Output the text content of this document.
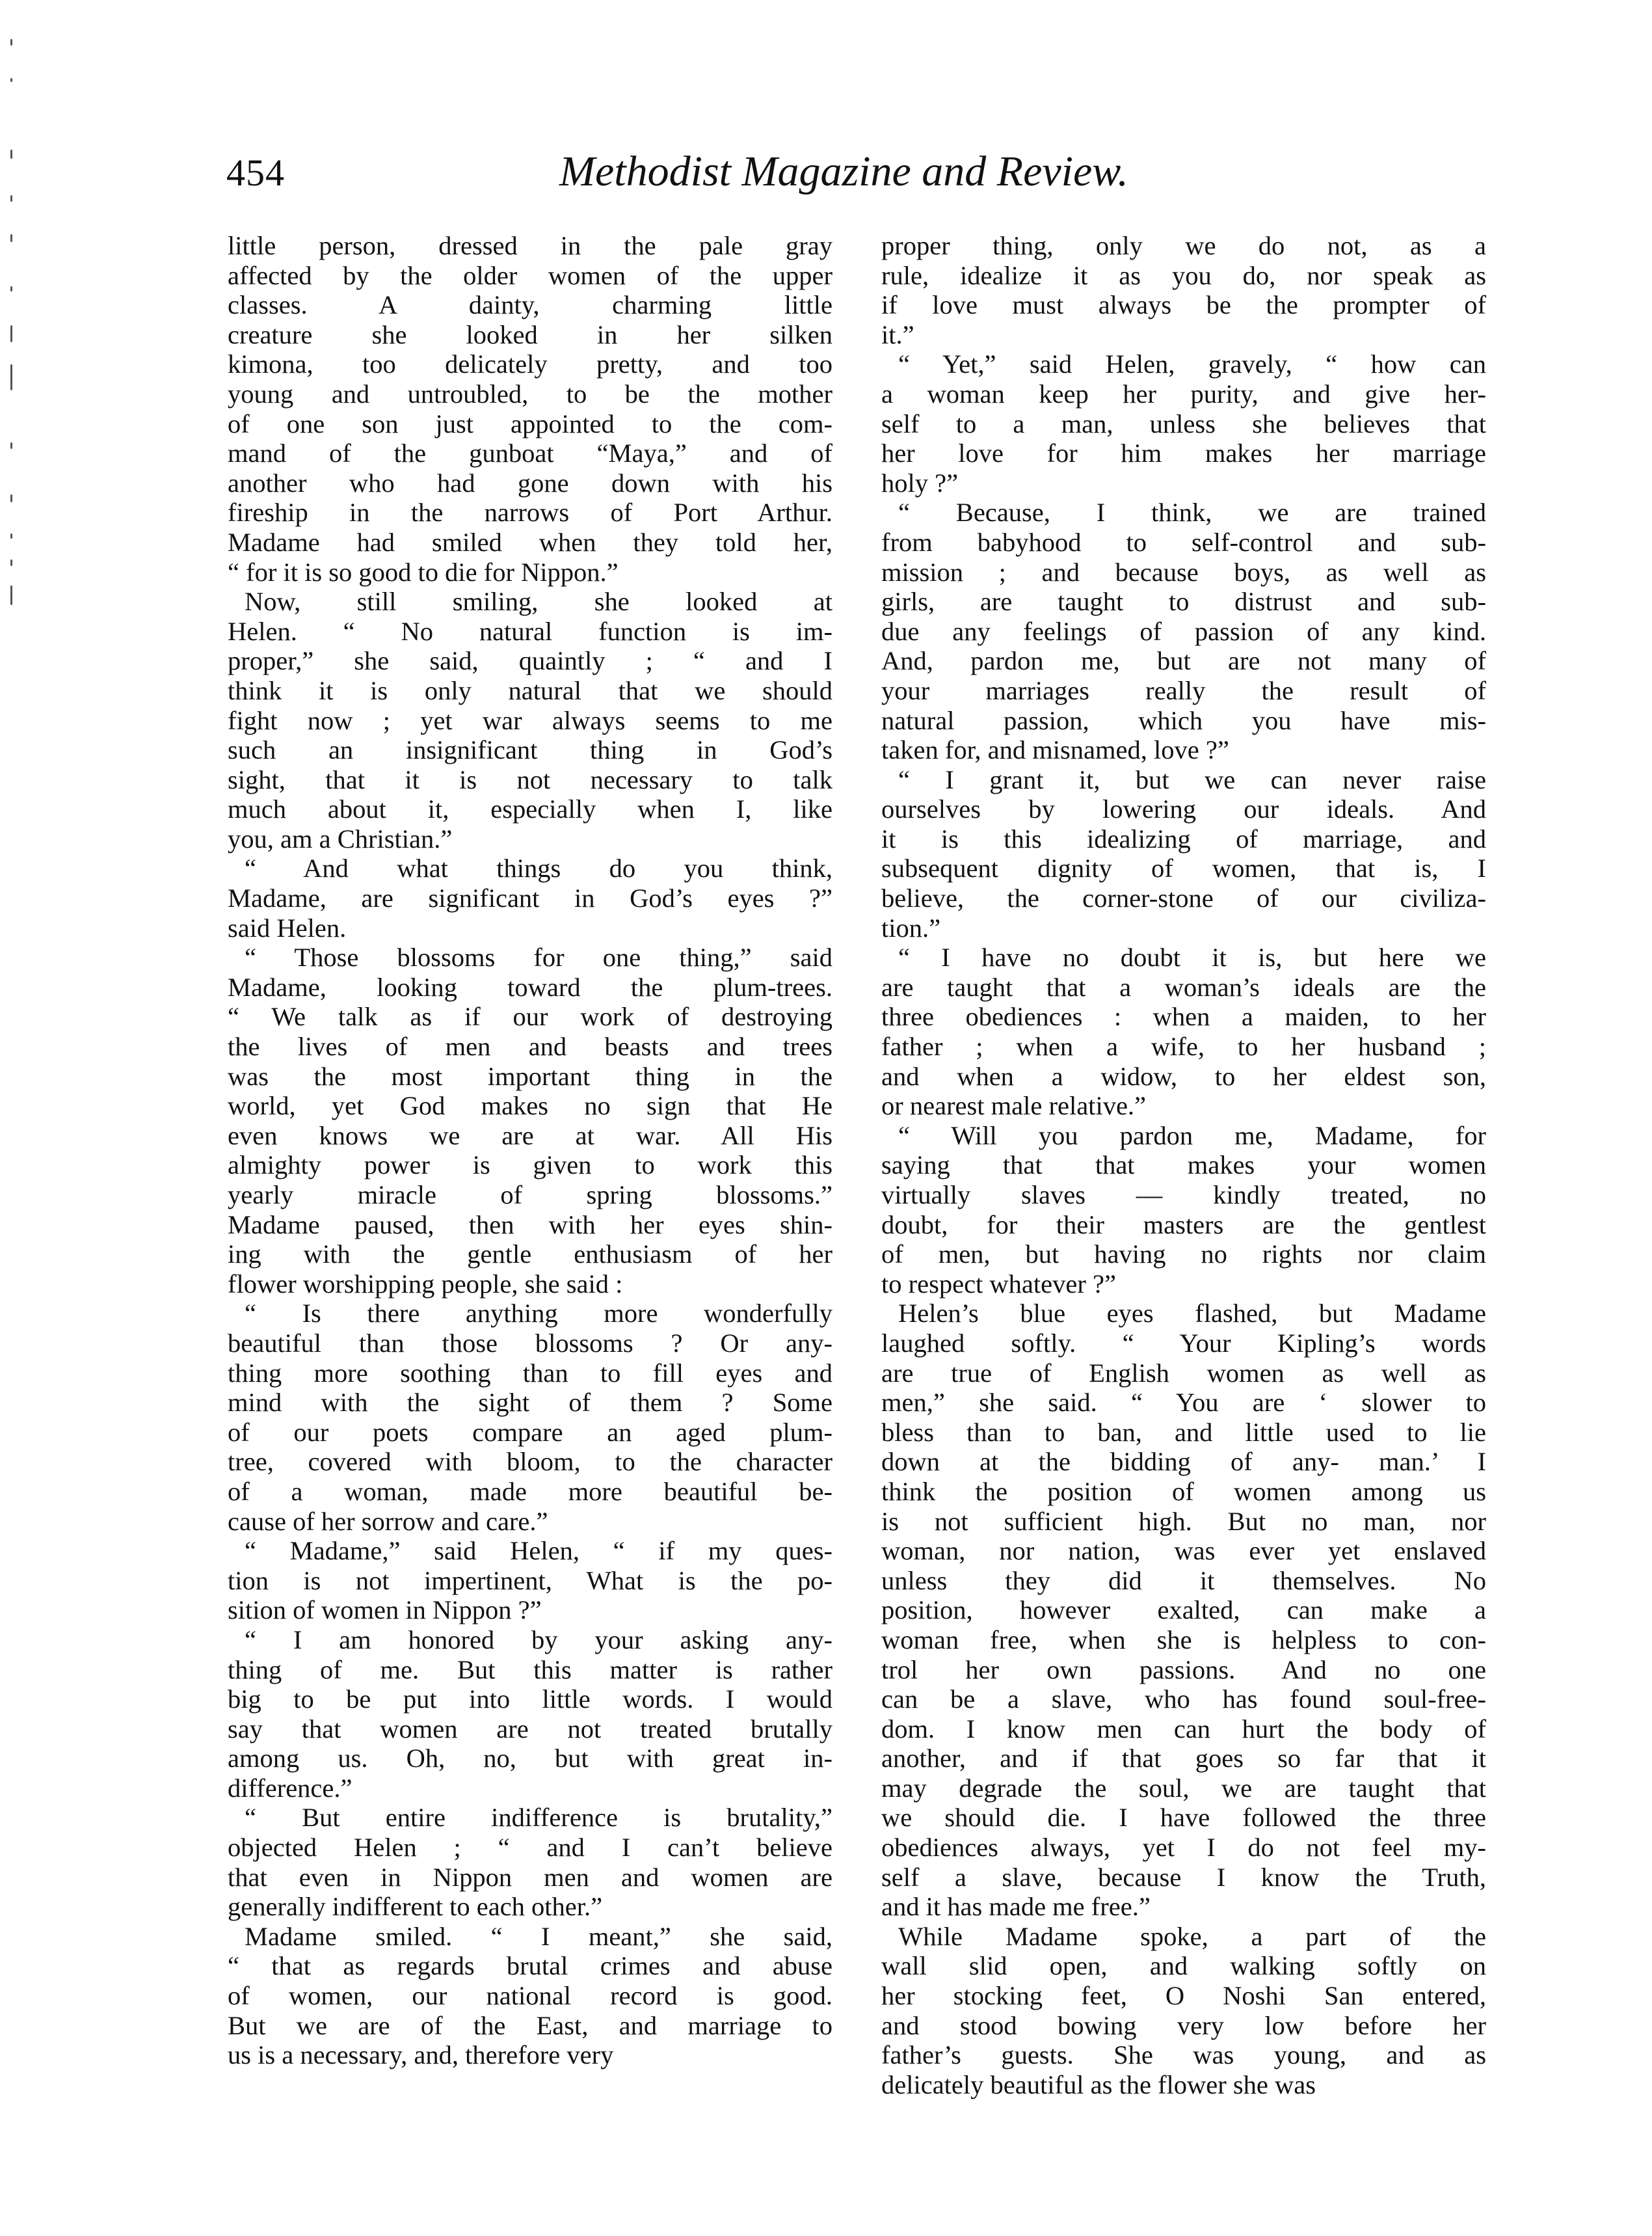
454	Methodist Magazine and Review.
little person, dressed in the pale gray
affected by the older women of the upper
classes. A dainty, charming little
creature she looked in her silken
kimona, too delicately pretty, and too
young and untroubled, to be the mother
of one son just appointed to the com-
mand of the gunboat “Maya,” and of
another who had gone down with his
fireship in the narrows of Port Arthur.
Madame had smiled when they told her,
“ for it is so good to die for Nippon.”
Now, still smiling, she looked at
Helen. “ No natural function is im-
proper,” she said, quaintly ; “ and I
think it is only natural that we should
fight now ; yet war always seems to me
such an insignificant thing in God’s
sight, that it is not necessary to talk
much about it, especially when I, like
you, am a Christian.”
“ And what things do you think,
Madame, are significant in God’s eyes ?”
said Helen.
“ Those blossoms for one thing,” said
Madame, looking toward the plum-trees.
“ We talk as if our work of destroying
the lives of men and beasts and trees
was the most important thing in the
world, yet God makes no sign that He
even knows we are at war. All His
almighty power is given to work this
yearly miracle of spring blossoms.”
Madame paused, then with her eyes shin-
ing with the gentle enthusiasm of her
flower worshipping people, she said :
“ Is there anything more wonderfully
beautiful than those blossoms ? Or any-
thing more soothing than to fill eyes and
mind with the sight of them ? Some
of our poets compare an aged plum-
tree, covered with bloom, to the character
of a woman, made more beautiful be-
cause of her sorrow and care.”
“ Madame,” said Helen, “ if my ques-
tion is not impertinent, What is the po-
sition of women in Nippon ?”
“ I am honored by your asking any-
thing of me. But this matter is rather
big to be put into little words. I would
say that women are not treated brutally
among us. Oh, no, but with great in-
difference.”
“ But entire indifference is brutality,”
objected Helen ; “ and I can’t believe
that even in Nippon men and women are
generally indifferent to each other.”
Madame smiled. “ I meant,” she said,
“ that as regards brutal crimes and abuse
of women, our national record is good.
But we are of the East, and marriage to
us is a necessary, and, therefore very
proper thing, only we do not, as a
rule, idealize it as you do, nor speak as
if love must always be the prompter of
it.”
“ Yet,” said Helen, gravely, “ how can
a woman keep her purity, and give her-
self to a man, unless she believes that
her love for him makes her marriage
holy ?”
“ Because, I think, we are trained
from babyhood to self-control and sub-
mission ; and because boys, as well as
girls, are taught to distrust and sub-
due any feelings of passion of any kind.
And, pardon me, but are not many of
your marriages really the result of
natural passion, which you have mis-
taken for, and misnamed, love ?”
“ I grant it, but we can never raise
ourselves by lowering our ideals. And
it is this idealizing of marriage, and
subsequent dignity of women, that is, I
believe, the corner-stone of our civiliza-
tion.”
“ I have no doubt it is, but here we
are taught that a woman’s ideals are the
three obediences : when a maiden, to her
father ; when a wife, to her husband ;
and when a widow, to her eldest son,
or nearest male relative.”
“ Will you pardon me, Madame, for
saying that that makes your women
virtually slaves — kindly treated, no
doubt, for their masters are the gentlest
of men, but having no rights nor claim
to respect whatever ?”
Helen’s blue eyes flashed, but Madame
laughed softly. “ Your Kipling’s words
are true of English women as well as
men,” she said. “ You are ‘ slower to
bless than to ban, and little used to lie
down at the bidding of any- man.’ I
think the position of women among us
is not sufficient high. But no man, nor
woman, nor nation, was ever yet enslaved
unless they did it themselves. No
position, however exalted, can make a
woman free, when she is helpless to con-
trol her own passions. And no one
can be a slave, who has found soul-free-
dom. I know men can hurt the body of
another, and if that goes so far that it
may degrade the soul, we are taught that
we should die. I have followed the three
obediences always, yet I do not feel my-
self a slave, because I know the Truth,
and it has made me free.”
While Madame spoke, a part of the
wall slid open, and walking softly on
her stocking feet, O Noshi San entered,
and stood bowing very low before her
father’s guests. She was young, and as
delicately beautiful as the flower she was
